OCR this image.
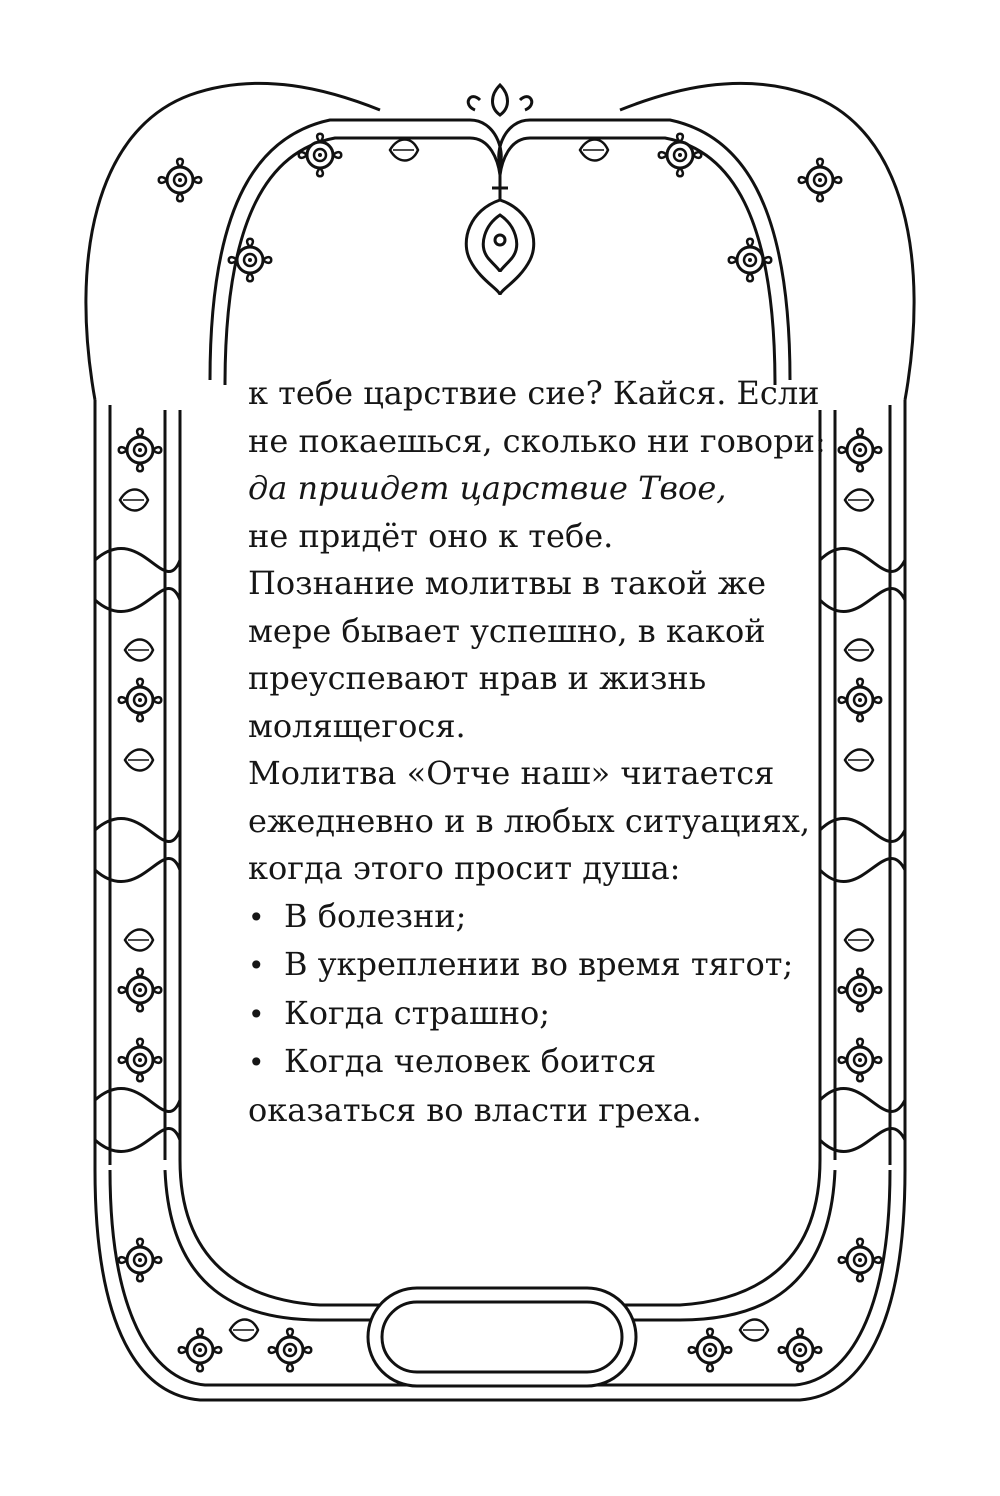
к тебе царствие сие? Кайся. Если
не покаешься, сколько ни говори:
да приидет царствие Твое,
не придёт оно к тебе.
Познание молитвы в такой же
мере бывает успешно, в какой
преуспевают нрав и жизнь
молящегося.
Молитва «Отче наш» читается
ежедневно и в любых ситуациях,
когда этого просит душа:
• В болезни;
• В укреплении во время тягот;
• Когда страшно;
• Когда человек боится
оказаться во власти греха.
